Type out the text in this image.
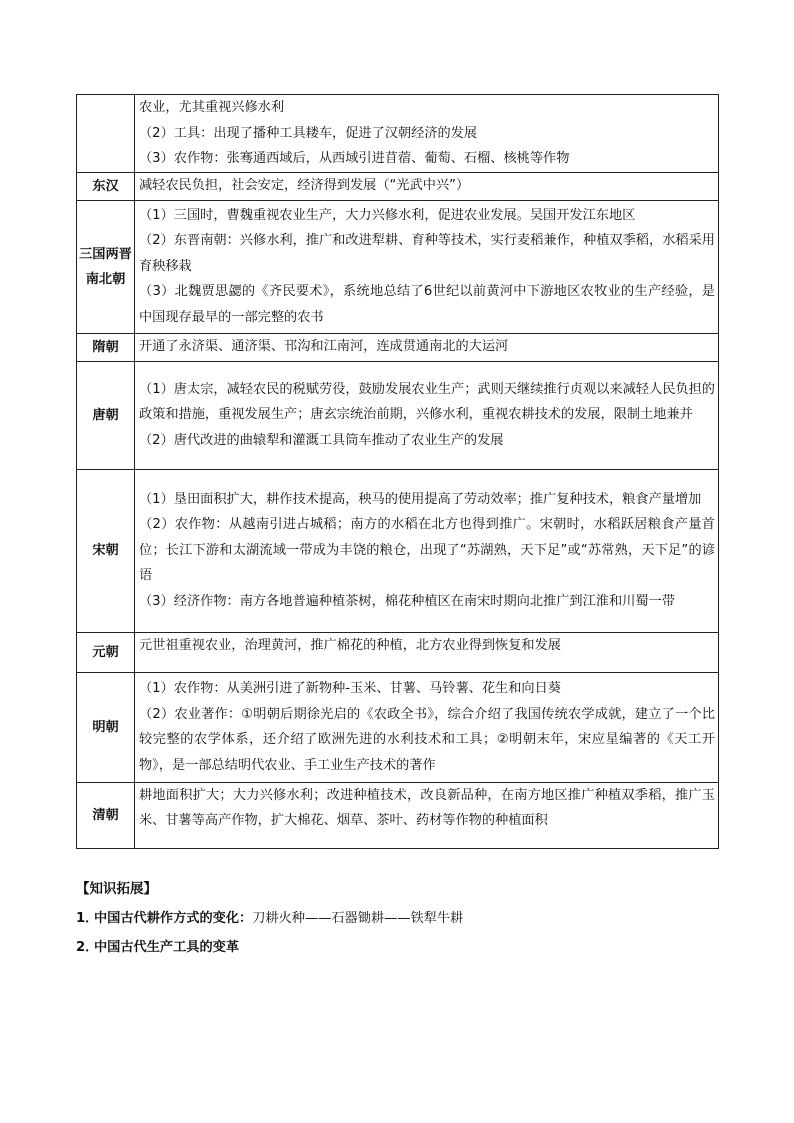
	农业，尤其重视兴修水利
（2）工具：出现了播种工具耧车，促进了汉朝经济的发展
（3）农作物：张骞通西域后，从西域引进苜蓿、葡萄、石榴、核桃等作物

东汉	减轻农民负担，社会安定，经济得到发展（“光武中兴”）

三国两晋
南北朝	（1）三国时，曹魏重视农业生产，大力兴修水利，促进农业发展。吴国开发江东地区
（2）东晋南朝：兴修水利，推广和改进犁耕、育种等技术，实行麦稻兼作，种植双季稻，水稻采用育秧移栽
（3）北魏贾思勰的《齐民要术》，系统地总结了6世纪以前黄河中下游地区农牧业的生产经验，是中国现存最早的一部完整的农书

隋朝	开通了永济渠、通济渠、邗沟和江南河，连成贯通南北的大运河

唐朝	（1）唐太宗，减轻农民的税赋劳役，鼓励发展农业生产；武则天继续推行贞观以来减轻人民负担的政策和措施，重视发展生产；唐玄宗统治前期，兴修水利，重视农耕技术的发展，限制土地兼并
（2）唐代改进的曲辕犁和灌溉工具筒车推动了农业生产的发展

宋朝	（1）垦田面积扩大，耕作技术提高，秧马的使用提高了劳动效率；推广复种技术，粮食产量增加
（2）农作物：从越南引进占城稻；南方的水稻在北方也得到推广。宋朝时，水稻跃居粮食产量首位；长江下游和太湖流域一带成为丰饶的粮仓，出现了“苏湖熟，天下足”或“苏常熟，天下足”的谚语
（3）经济作物：南方各地普遍种植茶树，棉花种植区在南宋时期向北推广到江淮和川蜀一带

元朝	元世祖重视农业，治理黄河，推广棉花的种植，北方农业得到恢复和发展

明朝	（1）农作物：从美洲引进了新物种-玉米、甘薯、马铃薯、花生和向日葵
（2）农业著作：①明朝后期徐光启的《农政全书》，综合介绍了我国传统农学成就，建立了一个比较完整的农学体系，还介绍了欧洲先进的水利技术和工具；②明朝末年，宋应星编著的《天工开物》，是一部总结明代农业、手工业生产技术的著作

清朝	耕地面积扩大；大力兴修水利；改进种植技术，改良新品种，在南方地区推广种植双季稻，推广玉米、甘薯等高产作物，扩大棉花、烟草、茶叶、药材等作物的种植面积
【知识拓展】
1．中国古代耕作方式的变化：刀耕火种——石器锄耕——铁犁牛耕
2．中国古代生产工具的变革
